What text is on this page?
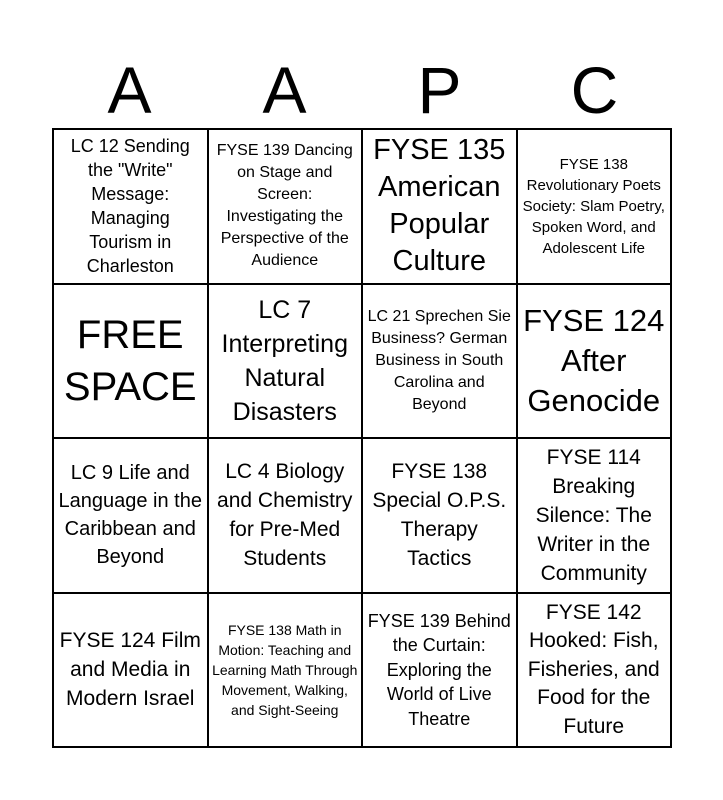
A	A	P	C
LC 12 Sending the "Write" Message: Managing Tourism in Charleston
FYSE 139 Dancing on Stage and Screen: Investigating the Perspective of the Audience
FYSE 135 American Popular Culture
FYSE 138 Revolutionary Poets Society: Slam Poetry, Spoken Word, and Adolescent Life
FREE SPACE
LC 7 Interpreting Natural Disasters
LC 21 Sprechen Sie Business? German Business in South Carolina and Beyond
FYSE 124 After Genocide
LC 9 Life and Language in the Caribbean and Beyond
LC 4 Biology and Chemistry for Pre-Med Students
FYSE 138 Special O.P.S. Therapy Tactics
FYSE 114 Breaking Silence: The Writer in the Community
FYSE 124 Film and Media in Modern Israel
FYSE 138 Math in Motion: Teaching and Learning Math Through Movement, Walking, and Sight-Seeing
FYSE 139 Behind the Curtain: Exploring the World of Live Theatre
FYSE 142 Hooked: Fish, Fisheries, and Food for the Future
